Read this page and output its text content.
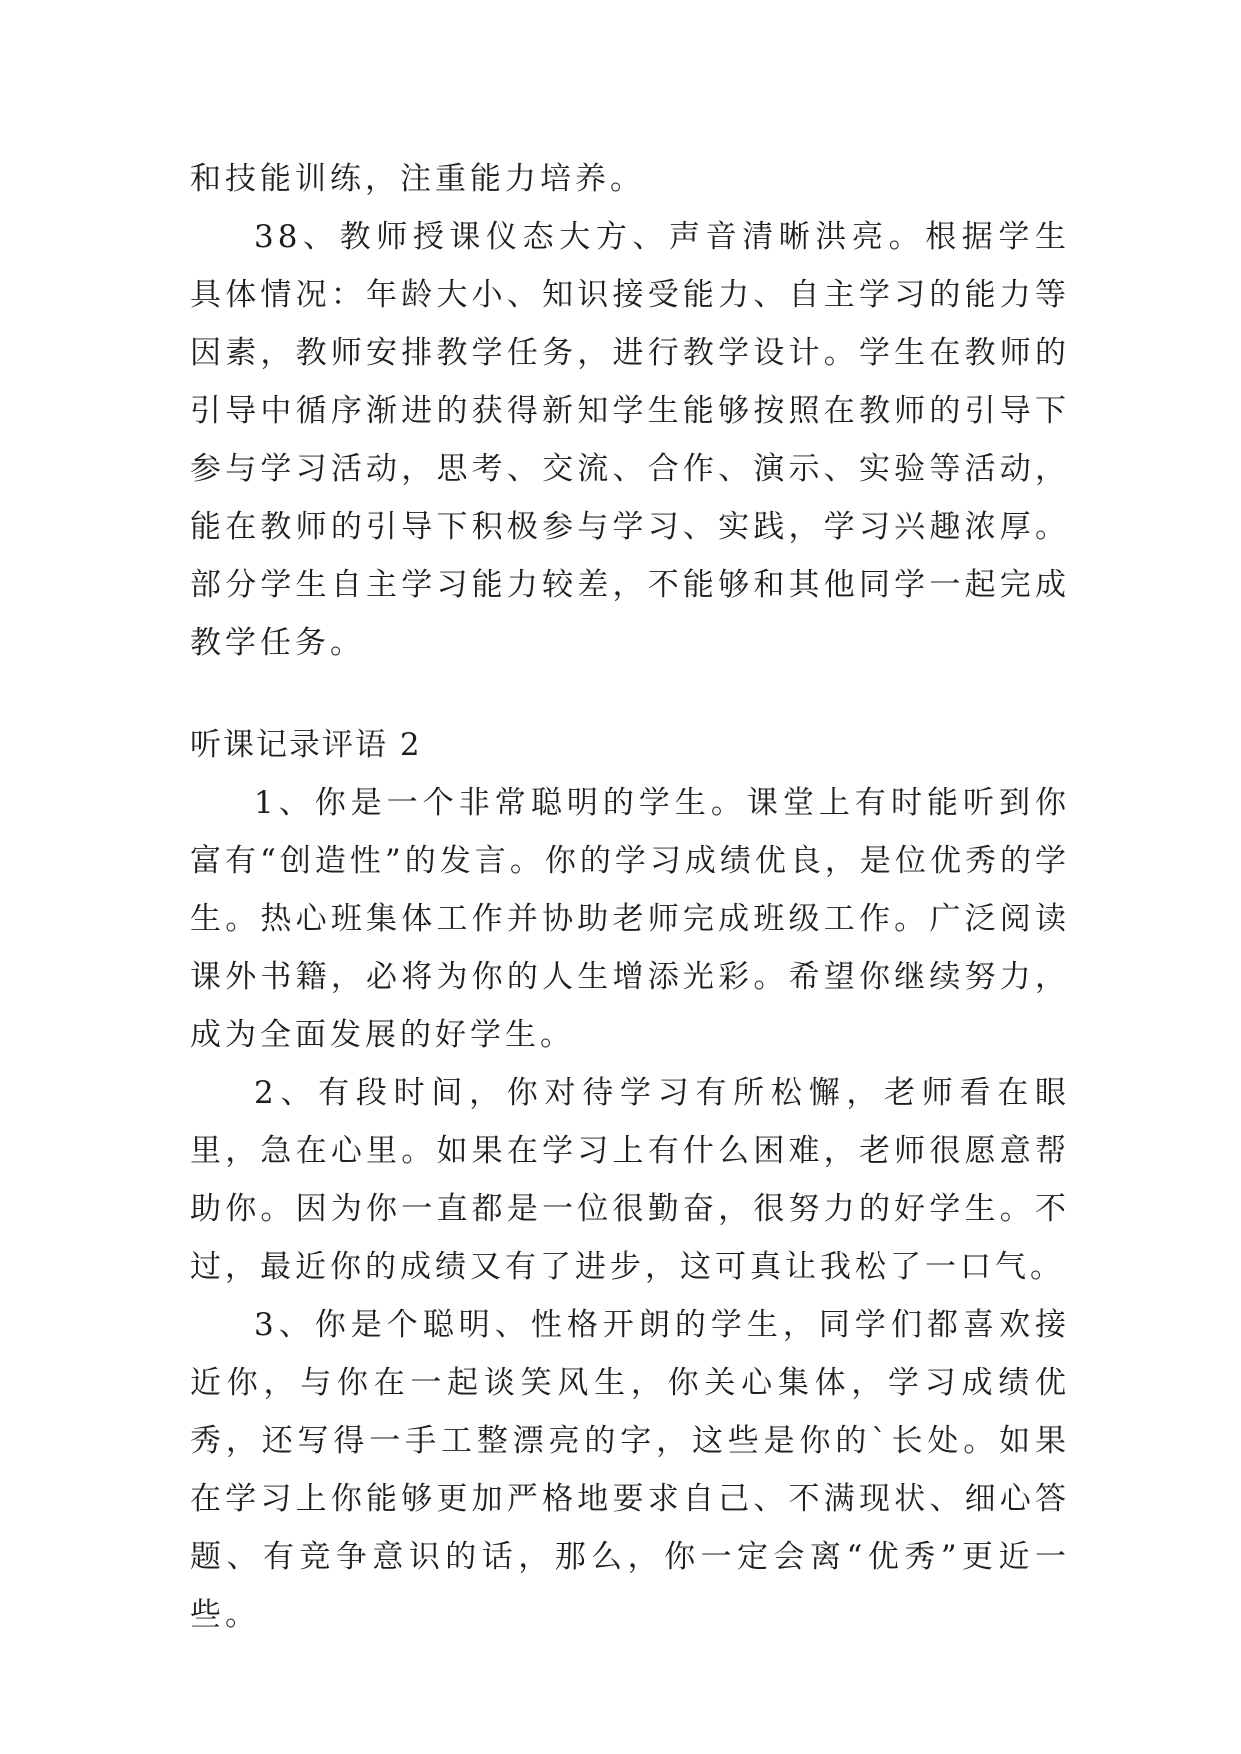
和技能训练，注重能力培养。

38、教师授课仪态大方、声音清晰洪亮。根据学生具体情况：年龄大小、知识接受能力、自主学习的能力等因素，教师安排教学任务，进行教学设计。学生在教师的引导中循序渐进的获得新知学生能够按照在教师的引导下参与学习活动，思考、交流、合作、演示、实验等活动，能在教师的引导下积极参与学习、实践，学习兴趣浓厚。部分学生自主学习能力较差，不能够和其他同学一起完成教学任务。

听课记录评语 2

1、你是一个非常聪明的学生。课堂上有时能听到你富有“创造性”的发言。你的学习成绩优良，是位优秀的学生。热心班集体工作并协助老师完成班级工作。广泛阅读课外书籍，必将为你的人生增添光彩。希望你继续努力，成为全面发展的好学生。

2、有段时间，你对待学习有所松懈，老师看在眼里，急在心里。如果在学习上有什么困难，老师很愿意帮助你。因为你一直都是一位很勤奋，很努力的好学生。不过，最近你的成绩又有了进步，这可真让我松了一口气。

3、你是个聪明、性格开朗的学生，同学们都喜欢接近你，与你在一起谈笑风生，你关心集体，学习成绩优秀，还写得一手工整漂亮的字，这些是你的`长处。如果在学习上你能够更加严格地要求自己、不满现状、细心答题、有竞争意识的话，那么，你一定会离“优秀”更近一些。
